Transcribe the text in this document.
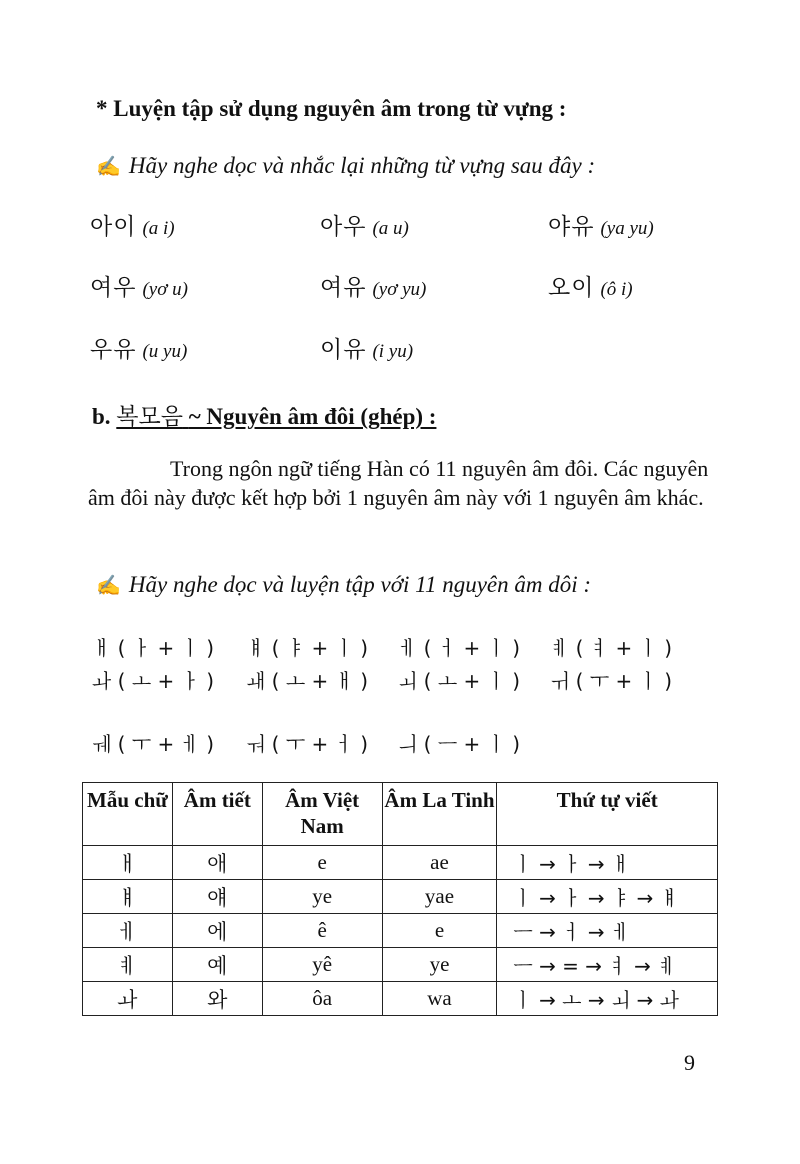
* Luyện tập sử dụng nguyên âm trong từ vựng :
✍ Hãy nghe dọc và nhắc lại những từ vựng sau đây :
아이 (a i)	아우 (a u)	야유 (ya yu)
여우 (yơ u)	여유 (yơ yu)	오이 (ô i)
우유 (u yu)	이유 (i yu)
b. 복모음 ~ Nguyên âm đôi (ghép) :
Trong ngôn ngữ tiếng Hàn có 11 nguyên âm đôi. Các nguyên âm đôi này được kết hợp bởi 1 nguyên âm này với 1 nguyên âm khác.
✍ Hãy nghe dọc và luyện tập với 11 nguyên âm dôi :
ㅐ ( ㅏ + ㅣ ) ㅒ ( ㅑ + ㅣ ) ㅔ ( ㅓ + ㅣ ) ㅖ ( ㅕ + ㅣ )
ㅘ ( ㅗ + ㅏ ) ㅙ ( ㅗ + ㅐ ) ㅚ ( ㅗ + ㅣ ) ㅟ ( ㅜ + ㅣ )
ㅞ ( ㅜ + ㅔ ) ㅝ ( ㅜ + ㅓ ) ㅢ ( ㅡ + ㅣ )
Mẫu chữ	Âm tiết	Âm Việt Nam	Âm La Tinh	Thứ tự viết
ㅐ	애	e	ae	ㅣ → ㅏ → ㅐ
ㅒ	얘	ye	yae	ㅣ → ㅏ → ㅑ → ㅒ
ㅔ	에	ê	e	ㅡ → ㅓ → ㅔ
ㅖ	예	yê	ye	ㅡ → = → ㅕ → ㅖ
ㅘ	와	ôa	wa	ㅣ → ㅗ → ㅚ → ㅘ
9
